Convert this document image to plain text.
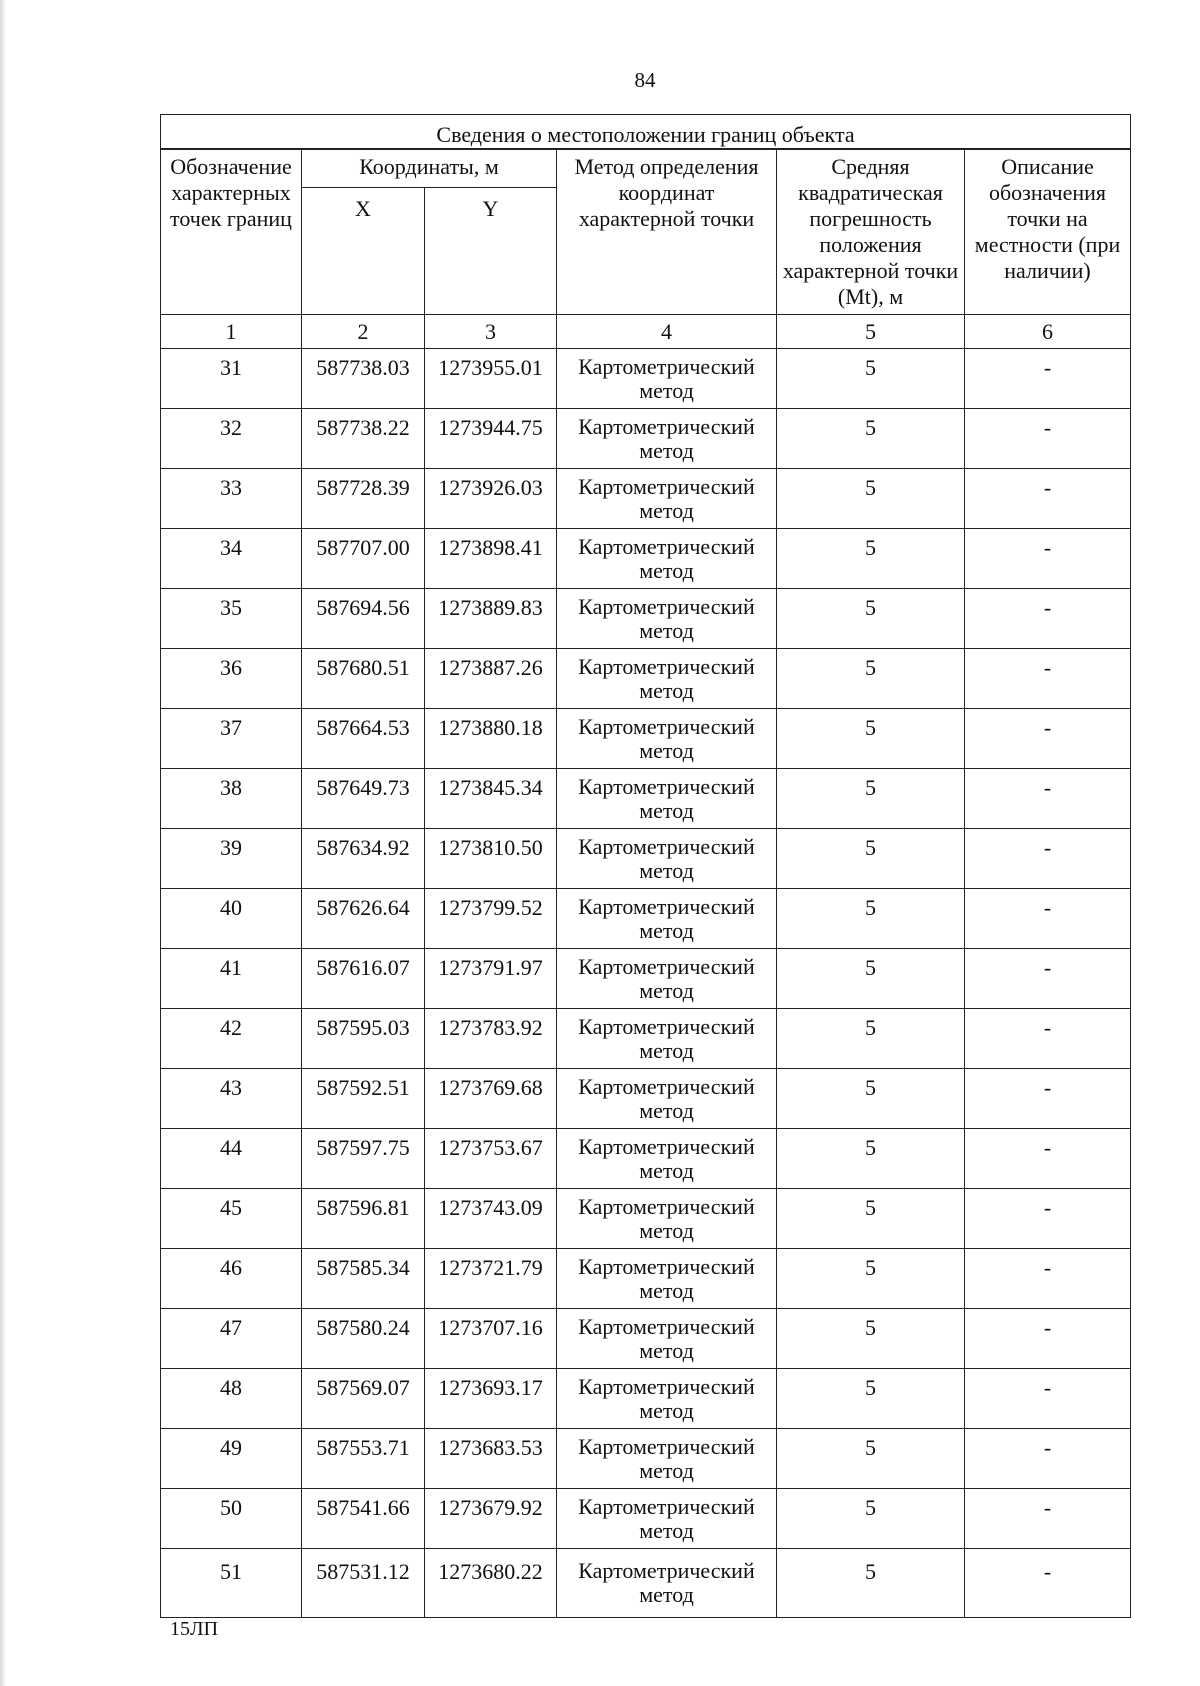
84
Сведения о местоположении границ объекта					
Обозначение характерных точек границ	Координаты, м		Метод определения координат характерной точки	Средняя квадратическая погрешность положения характерной точки (Mt), м	Описание обозначения точки на местности (при наличии)
	X	Y			
1	2	3	4	5	6
31	587738.03	1273955.01	Картометрический метод	5	-
32	587738.22	1273944.75	Картометрический метод	5	-
33	587728.39	1273926.03	Картометрический метод	5	-
34	587707.00	1273898.41	Картометрический метод	5	-
35	587694.56	1273889.83	Картометрический метод	5	-
36	587680.51	1273887.26	Картометрический метод	5	-
37	587664.53	1273880.18	Картометрический метод	5	-
38	587649.73	1273845.34	Картометрический метод	5	-
39	587634.92	1273810.50	Картометрический метод	5	-
40	587626.64	1273799.52	Картометрический метод	5	-
41	587616.07	1273791.97	Картометрический метод	5	-
42	587595.03	1273783.92	Картометрический метод	5	-
43	587592.51	1273769.68	Картометрический метод	5	-
44	587597.75	1273753.67	Картометрический метод	5	-
45	587596.81	1273743.09	Картометрический метод	5	-
46	587585.34	1273721.79	Картометрический метод	5	-
47	587580.24	1273707.16	Картометрический метод	5	-
48	587569.07	1273693.17	Картометрический метод	5	-
49	587553.71	1273683.53	Картометрический метод	5	-
50	587541.66	1273679.92	Картометрический метод	5	-
51	587531.12	1273680.22	Картометрический метод	5	-
15ЛП
